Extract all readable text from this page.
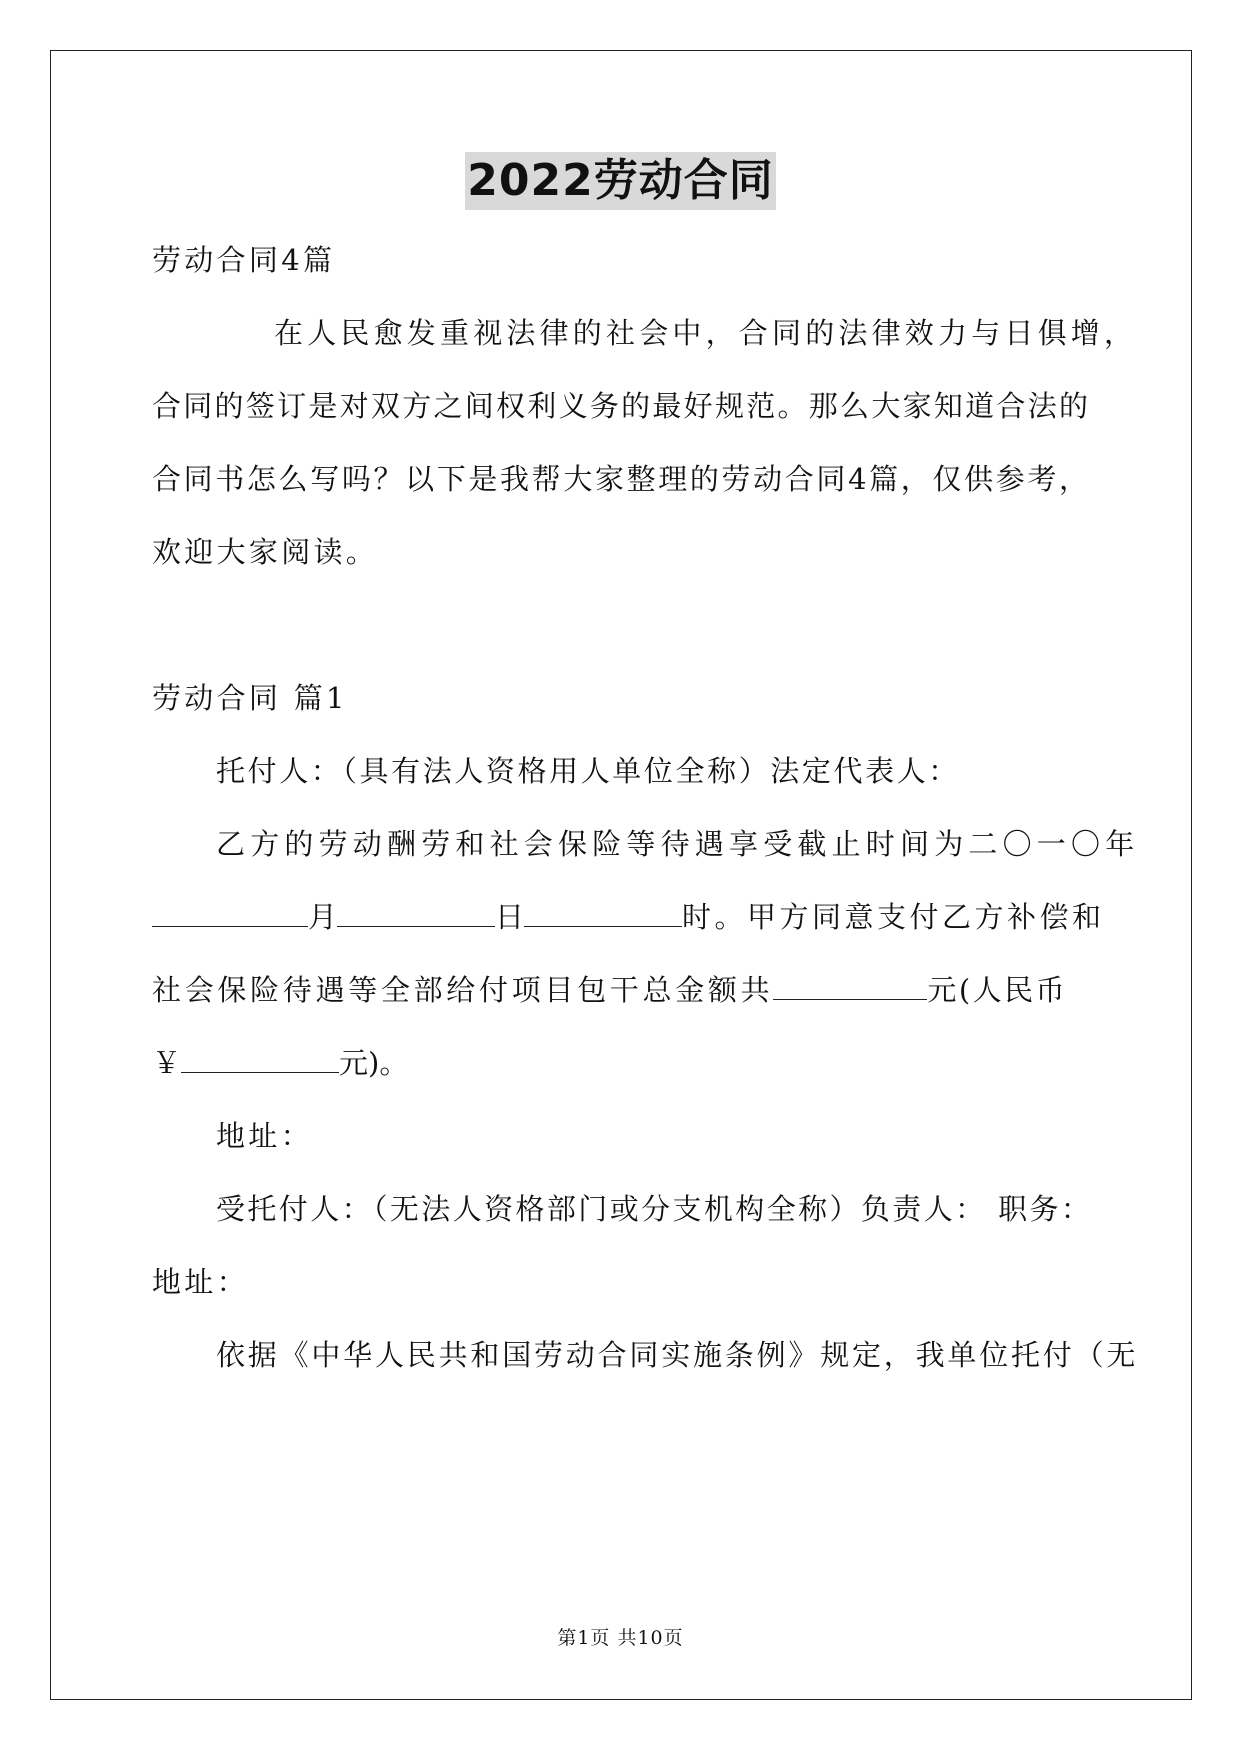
2022劳动合同
劳动合同4篇
在人民愈发重视法律的社会中，合同的法律效力与日俱增，
合同的签订是对双方之间权利义务的最好规范。那么大家知道合法的
合同书怎么写吗？以下是我帮大家整理的劳动合同4篇，仅供参考，
欢迎大家阅读。
劳动合同 篇1
托付人：（具有法人资格用人单位全称）法定代表人：
乙方的劳动酬劳和社会保险等待遇享受截止时间为二〇一〇年
月	日	时。甲方同意支付乙方补偿和
社会保险待遇等全部给付项目包干总金额共	元(人民币
￥	元)。
地址：
受托付人：（无法人资格部门或分支机构全称）负责人： 职务：
地址：
依据《中华人民共和国劳动合同实施条例》规定，我单位托付（无
第1页 共10页
